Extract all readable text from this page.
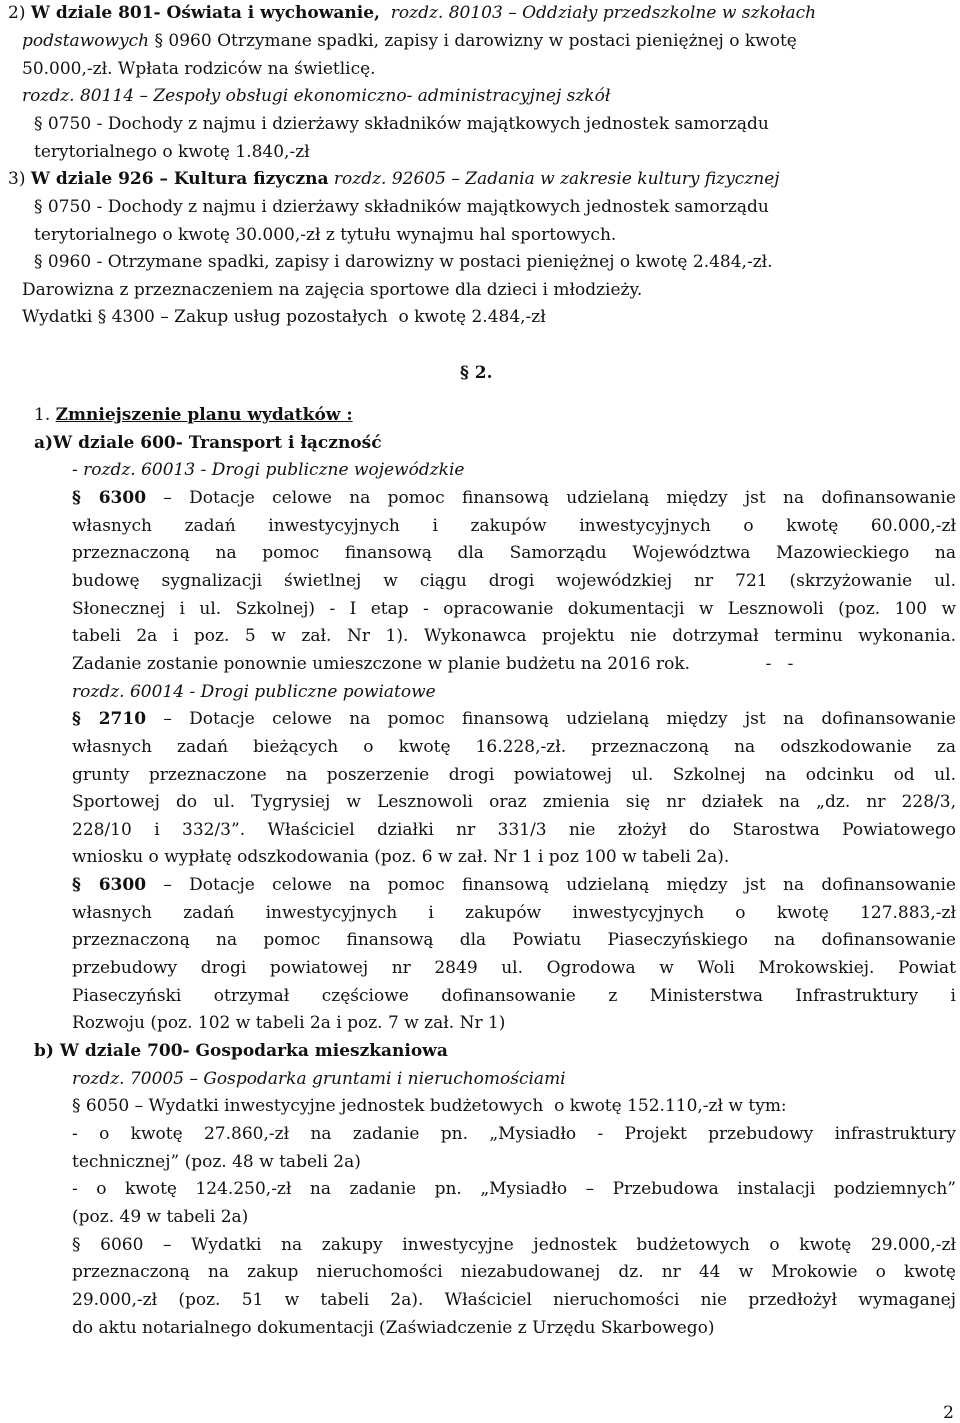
2) W dziale 801- Oświata i wychowanie, rozdz. 80103 – Oddziały przedszkolne w szkołach
podstawowych § 0960 Otrzymane spadki, zapisy i darowizny w postaci pieniężnej o kwotę
50.000,-zł. Wpłata rodziców na świetlicę.
rozdz. 80114 – Zespoły obsługi ekonomiczno- administracyjnej szkół
§ 0750 - Dochody z najmu i dzierżawy składników majątkowych jednostek samorządu
terytorialnego o kwotę 1.840,-zł
3) W dziale 926 – Kultura fizyczna rozdz. 92605 – Zadania w zakresie kultury fizycznej
§ 0750 - Dochody z najmu i dzierżawy składników majątkowych jednostek samorządu
terytorialnego o kwotę 30.000,-zł z tytułu wynajmu hal sportowych.
§ 0960 - Otrzymane spadki, zapisy i darowizny w postaci pieniężnej o kwotę 2.484,-zł.
Darowizna z przeznaczeniem na zajęcia sportowe dla dzieci i młodzieży.
Wydatki § 4300 – Zakup usług pozostałych  o kwotę 2.484,-zł
§ 2.
1. Zmniejszenie planu wydatków :
a)W dziale 600- Transport i łączność
- rozdz. 60013 - Drogi publiczne wojewódzkie
§ 6300 – Dotacje celowe na pomoc finansową udzielaną między jst na dofinansowanie
własnych zadań inwestycyjnych i zakupów inwestycyjnych o kwotę 60.000,-zł
przeznaczoną na pomoc finansową dla Samorządu Województwa Mazowieckiego na
budowę sygnalizacji świetlnej w ciągu drogi wojewódzkiej nr 721 (skrzyżowanie ul.
Słonecznej i ul. Szkolnej) - I etap - opracowanie dokumentacji w Lesznowoli (poz. 100 w
tabeli 2a i poz. 5 w zał. Nr 1). Wykonawca projektu nie dotrzymał terminu wykonania.
Zadanie zostanie ponownie umieszczone w planie budżetu na 2016 rok.              -   -
rozdz. 60014 - Drogi publiczne powiatowe
§ 2710 – Dotacje celowe na pomoc finansową udzielaną między jst na dofinansowanie
własnych zadań bieżących o kwotę 16.228,-zł. przeznaczoną na odszkodowanie za
grunty przeznaczone na poszerzenie drogi powiatowej ul. Szkolnej na odcinku od ul.
Sportowej do ul. Tygrysiej w Lesznowoli oraz zmienia się nr działek na „dz. nr 228/3,
228/10 i 332/3”. Właściciel działki nr 331/3 nie złożył do Starostwa Powiatowego
wniosku o wypłatę odszkodowania (poz. 6 w zał. Nr 1 i poz 100 w tabeli 2a).
§ 6300 – Dotacje celowe na pomoc finansową udzielaną między jst na dofinansowanie
własnych zadań inwestycyjnych i zakupów inwestycyjnych o kwotę 127.883,-zł
przeznaczoną na pomoc finansową dla Powiatu Piaseczyńskiego na dofinansowanie
przebudowy drogi powiatowej nr 2849 ul. Ogrodowa w Woli Mrokowskiej. Powiat
Piaseczyński otrzymał częściowe dofinansowanie z Ministerstwa Infrastruktury i
Rozwoju (poz. 102 w tabeli 2a i poz. 7 w zał. Nr 1)
b) W dziale 700- Gospodarka mieszkaniowa
rozdz. 70005 – Gospodarka gruntami i nieruchomościami
§ 6050 – Wydatki inwestycyjne jednostek budżetowych  o kwotę 152.110,-zł w tym:
- o kwotę 27.860,-zł na zadanie pn. „Mysiadło - Projekt przebudowy infrastruktury
technicznej” (poz. 48 w tabeli 2a)
- o kwotę 124.250,-zł na zadanie pn. „Mysiadło – Przebudowa instalacji podziemnych”
(poz. 49 w tabeli 2a)
§ 6060 – Wydatki na zakupy inwestycyjne jednostek budżetowych o kwotę 29.000,-zł
przeznaczoną na zakup nieruchomości niezabudowanej dz. nr 44 w Mrokowie o kwotę
29.000,-zł (poz. 51 w tabeli 2a). Właściciel nieruchomości nie przedłożył wymaganej
do aktu notarialnego dokumentacji (Zaświadczenie z Urzędu Skarbowego)
2
